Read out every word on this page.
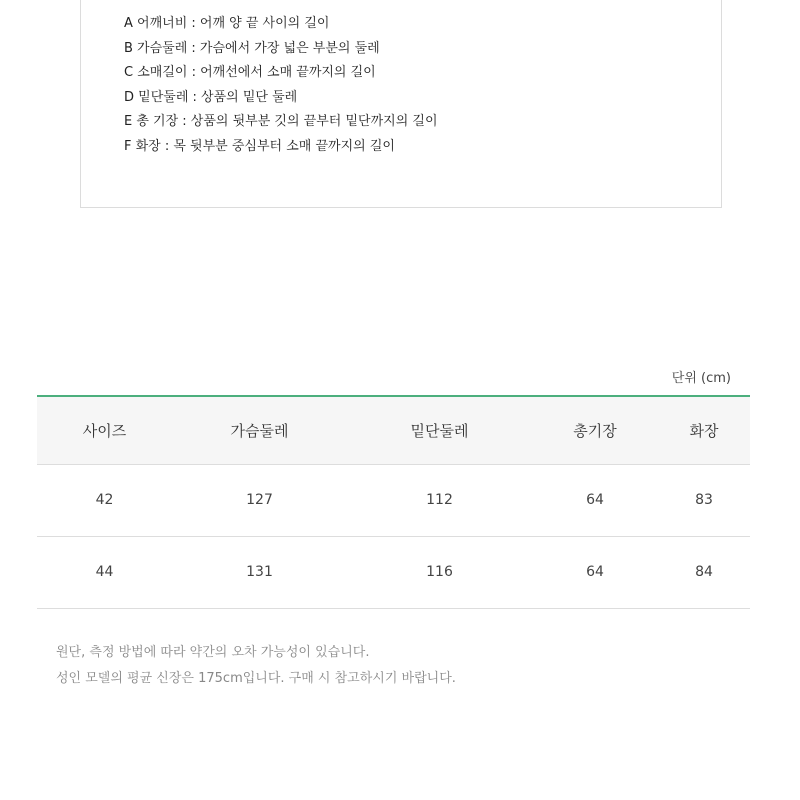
A 어깨너비 : 어깨 양 끝 사이의 길이
B 가슴둘레 : 가슴에서 가장 넓은 부분의 둘레
C 소매길이 : 어깨선에서 소매 끝까지의 길이
D 밑단둘레 : 상품의 밑단 둘레
E 총 기장 : 상품의 뒷부분 깃의 끝부터 밑단까지의 길이
F 화장 : 목 뒷부분 중심부터 소매 끝까지의 길이
단위 (cm)
사이즈	가슴둘레	밑단둘레	총기장	화장
42	127	112	64	83
44	131	116	64	84

원단, 측정 방법에 따라 약간의 오차 가능성이 있습니다.

성인 모델의 평균 신장은 175cm입니다. 구매 시 참고하시기 바랍니다.
